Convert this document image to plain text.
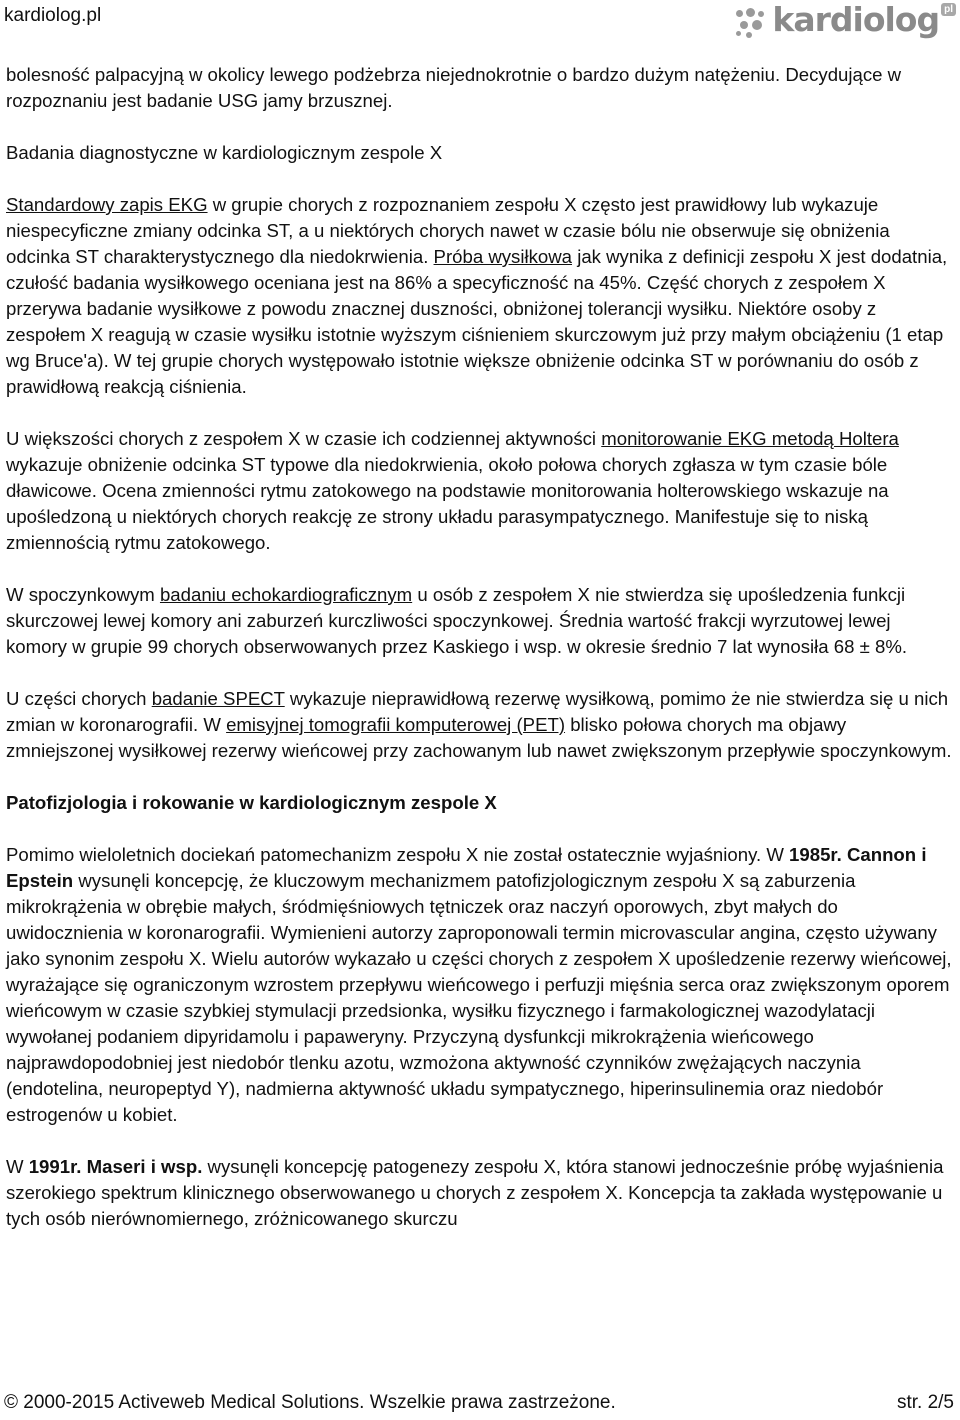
kardiolog.pl	kardiolog pl

bolesność palpacyjną w okolicy lewego podżebrza niejednokrotnie o bardzo dużym natężeniu. Decydujące w rozpoznaniu jest badanie USG jamy brzusznej.

Badania diagnostyczne w kardiologicznym zespole X

Standardowy zapis EKG w grupie chorych z rozpoznaniem zespołu X często jest prawidłowy lub wykazuje niespecyficzne zmiany odcinka ST, a u niektórych chorych nawet w czasie bólu nie obserwuje się obniżenia odcinka ST charakterystycznego dla niedokrwienia. Próba wysiłkowa jak wynika z definicji zespołu X jest dodatnia, czułość badania wysiłkowego oceniana jest na 86% a specyficzność na 45%. Część chorych z zespołem X przerywa badanie wysiłkowe z powodu znacznej duszności, obniżonej tolerancji wysiłku. Niektóre osoby z zespołem X reagują w czasie wysiłku istotnie wyższym ciśnieniem skurczowym już przy małym obciążeniu (1 etap wg Bruce'a). W tej grupie chorych występowało istotnie większe obniżenie odcinka ST w porównaniu do osób z prawidłową reakcją ciśnienia.

U większości chorych z zespołem X w czasie ich codziennej aktywności monitorowanie EKG metodą Holtera wykazuje obniżenie odcinka ST typowe dla niedokrwienia, około połowa chorych zgłasza w tym czasie bóle dławicowe. Ocena zmienności rytmu zatokowego na podstawie monitorowania holterowskiego wskazuje na upośledzoną u niektórych chorych reakcję ze strony układu parasympatycznego. Manifestuje się to niską zmiennością rytmu zatokowego.

W spoczynkowym badaniu echokardiograficznym u osób z zespołem X nie stwierdza się upośledzenia funkcji skurczowej lewej komory ani zaburzeń kurczliwości spoczynkowej. Średnia wartość frakcji wyrzutowej lewej komory w grupie 99 chorych obserwowanych przez Kaskiego i wsp. w okresie średnio 7 lat wynosiła 68 ± 8%.

U części chorych badanie SPECT wykazuje nieprawidłową rezerwę wysiłkową, pomimo że nie stwierdza się u nich zmian w koronarografii. W emisyjnej tomografii komputerowej (PET) blisko połowa chorych ma objawy zmniejszonej wysiłkowej rezerwy wieńcowej przy zachowanym lub nawet zwiększonym przepływie spoczynkowym.

Patofizjologia i rokowanie w kardiologicznym zespole X

Pomimo wieloletnich dociekań patomechanizm zespołu X nie został ostatecznie wyjaśniony. W 1985r. Cannon i Epstein wysunęli koncepcję, że kluczowym mechanizmem patofizjologicznym zespołu X są zaburzenia mikrokrążenia w obrębie małych, śródmięśniowych tętniczek oraz naczyń oporowych, zbyt małych do uwidocznienia w koronarografii. Wymienieni autorzy zaproponowali termin microvascular angina, często używany jako synonim zespołu X. Wielu autorów wykazało u części chorych z zespołem X upośledzenie rezerwy wieńcowej, wyrażające się ograniczonym wzrostem przepływu wieńcowego i perfuzji mięśnia serca oraz zwiększonym oporem wieńcowym w czasie szybkiej stymulacji przedsionka, wysiłku fizycznego i farmakologicznej wazodylatacji wywołanej podaniem dipyridamolu i papaweryny. Przyczyną dysfunkcji mikrokrążenia wieńcowego najprawdopodobniej jest niedobór tlenku azotu, wzmożona aktywność czynników zwężających naczynia (endotelina, neuropeptyd Y), nadmierna aktywność układu sympatycznego, hiperinsulinemia oraz niedobór estrogenów u kobiet.

W 1991r. Maseri i wsp. wysunęli koncepcję patogenezy zespołu X, która stanowi jednocześnie próbę wyjaśnienia szerokiego spektrum klinicznego obserwowanego u chorych z zespołem X. Koncepcja ta zakłada występowanie u tych osób nierównomiernego, zróżnicowanego skurczu

© 2000-2015 Activeweb Medical Solutions. Wszelkie prawa zastrzeżone.	str. 2/5
